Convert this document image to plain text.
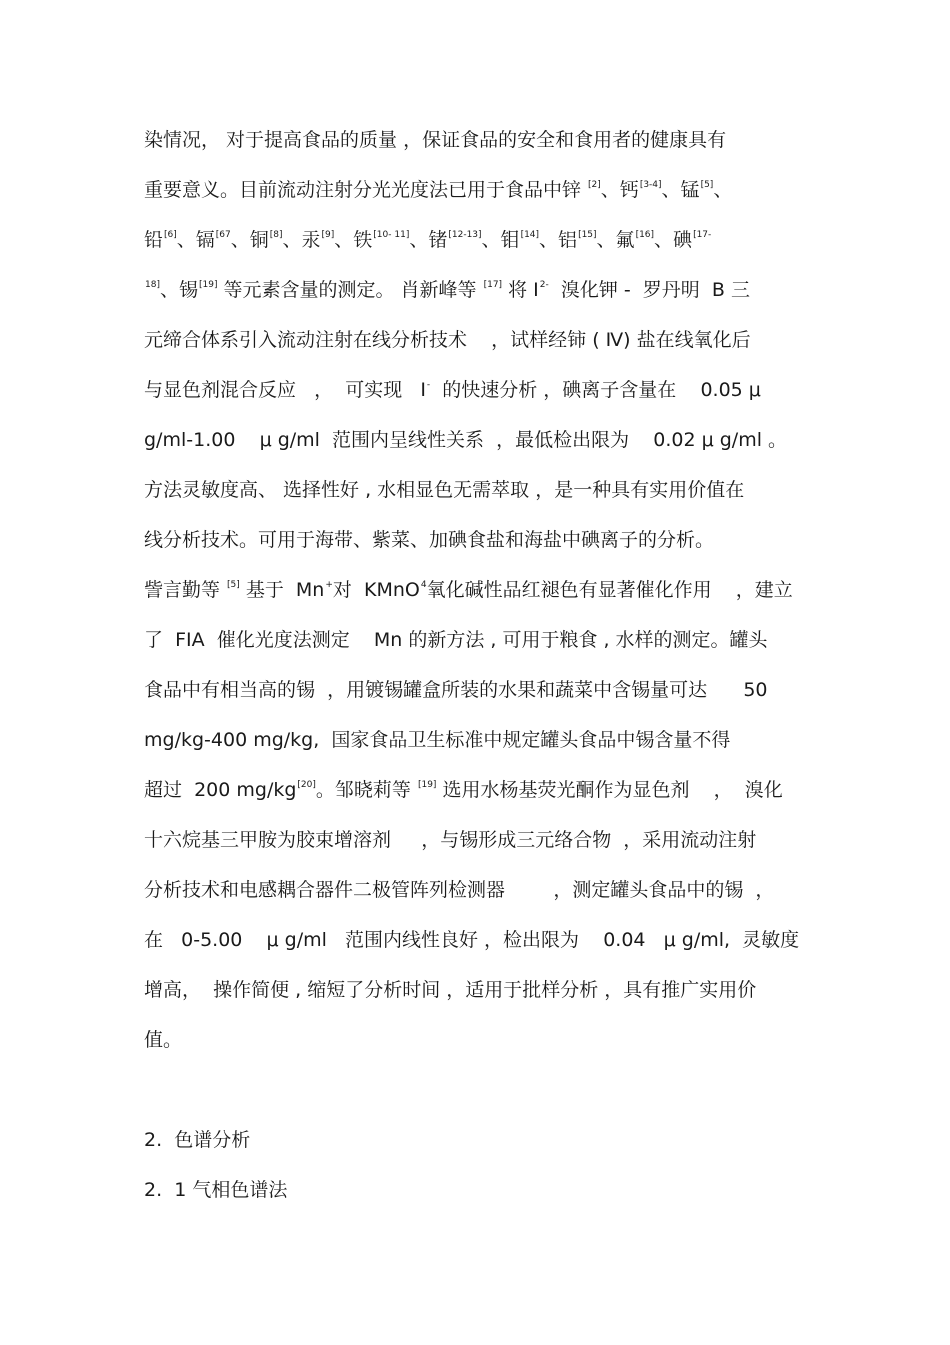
染情况， 对于提高食品的质量 ，保证食品的安全和食用者的健康具有
重要意义。目前流动注射分光光度法已用于食品中锌 [2]、钙[3-4]、锰[5]、
铅[6]、镉$^{[67}$、铜[8]、汞[9]、铁[10- 11]、锗[12-13]、钼[14]、铝[15]、氟[16]、碘$^{[17-}$
$^{18]}$、锡[19] 等元素含量的测定。 肖新峰等 [17] 将 $I^{2-}$  溴化钾 -  罗丹明  B 三
元缔合体系引入流动注射在线分析技术    ，试样经铈 ( Ⅳ) 盐在线氧化后
与显色剂混合反应   ，  可实现   I-  的快速分析 ，碘离子含量在    0.05 μ
g/ml-1.00    μ g/ml  范围内呈线性关系  ，最低检出限为    0.02 μ g/ml 。
方法灵敏度高、 选择性好 , 水相显色无需萃取 ，是一种具有实用价值在
线分析技术。可用于海带、紫菜、加碘食盐和海盐中碘离子的分析。
訾言勤等 [5] 基于  Mn+对  KMnO$^4$氧化碱性品红褪色有显著催化作用    ，建立
了  FIA  催化光度法测定    Mn 的新方法 , 可用于粮食 , 水样的测定。罐头
食品中有相当高的锡  ，用镀锡罐盒所装的水果和蔬菜中含锡量可达      50
mg/kg-400 mg/kg,  国家食品卫生标准中规定罐头食品中锡含量不得
超过  200 mg/kg[20]。邹晓莉等 [19] 选用水杨基荧光酮作为显色剂    ，  溴化
十六烷基三甲胺为胶束增溶剂     ，与锡形成三元络合物  ，采用流动注射
分析技术和电感耦合器件二极管阵列检测器        ，测定罐头食品中的锡  ，
在   0-5.00    μ g/ml   范围内线性良好 ，检出限为    0.04   μ g/ml,  灵敏度
增高，  操作简便 , 缩短了分析时间 ，适用于批样分析 ，具有推广实用价
值。
2.  色谱分析
2.  1 气相色谱法
